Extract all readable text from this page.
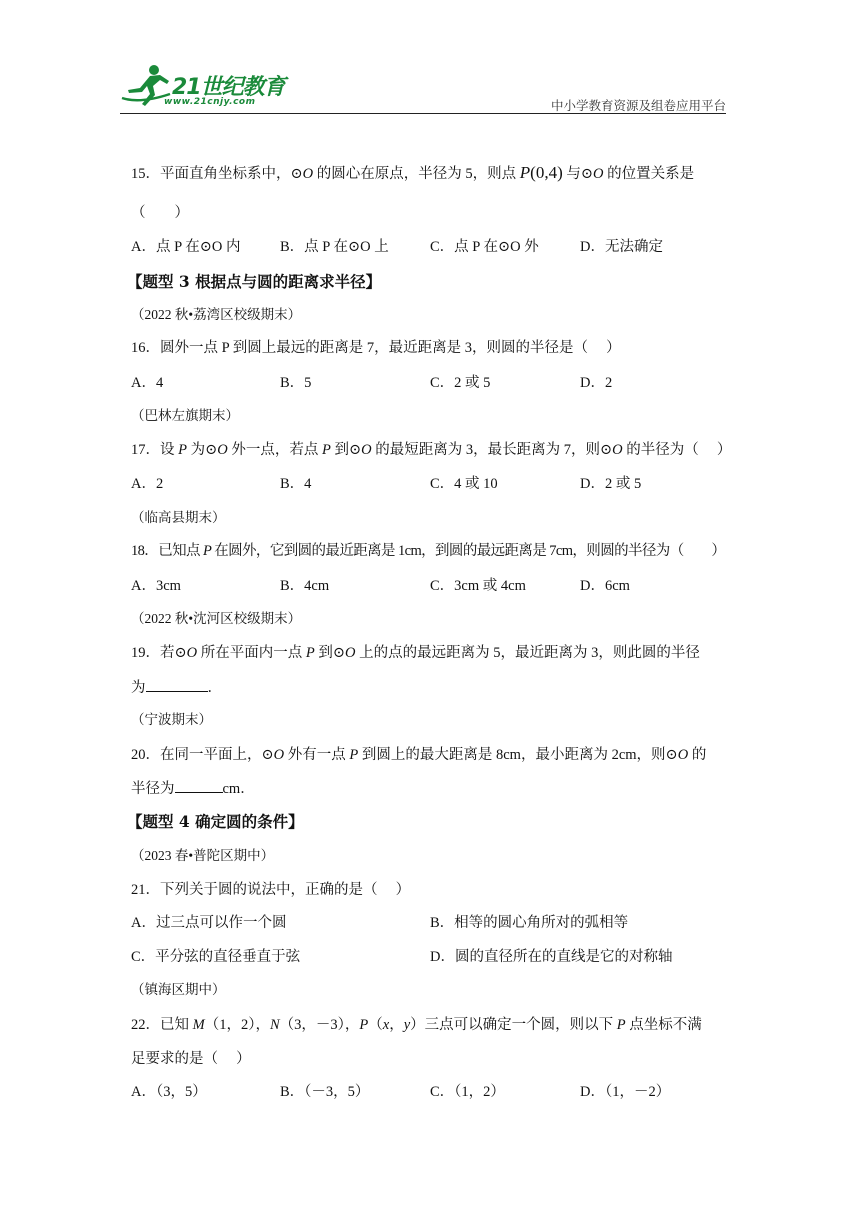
21世纪教育
www.21cnjy.com	中小学教育资源及组卷应用平台
15．平面直角坐标系中，⊙O 的圆心在原点，半径为 5，则点 P(0,4) 与⊙O 的位置关系是
（　　）
A．点 P 在⊙O 内	B．点 P 在⊙O 上	C．点 P 在⊙O 外	D．无法确定
【题型 3 根据点与圆的距离求半径】
（2022 秋•荔湾区校级期末）
16．圆外一点 P 到圆上最远的距离是 7，最近距离是 3，则圆的半径是（　 ）
A．4	B．5	C．2 或 5	D．2
（巴林左旗期末）
17．设 P 为⊙O 外一点，若点 P 到⊙O 的最短距离为 3，最长距离为 7，则⊙O 的半径为（　 ）
A．2	B．4	C．4 或 10	D．2 或 5
（临高县期末）
18．已知点 P 在圆外，它到圆的最近距离是 1cm，到圆的最远距离是 7cm，则圆的半径为（　　）
A．3cm	B．4cm	C．3cm 或 4cm	D．6cm
（2022 秋•沈河区校级期末）
19．若⊙O 所在平面内一点 P 到⊙O 上的点的最远距离为 5，最近距离为 3，则此圆的半径
为	．
（宁波期末）
20．在同一平面上，⊙O 外有一点 P 到圆上的最大距离是 8cm，最小距离为 2cm，则⊙O 的
半径为	cm．
【题型 4 确定圆的条件】
（2023 春•普陀区期中）
21．下列关于圆的说法中，正确的是（　 ）
A．过三点可以作一个圆	B．相等的圆心角所对的弧相等
C．平分弦的直径垂直于弦	D．圆的直径所在的直线是它的对称轴
（镇海区期中）
22．已知 M（1，2），N（3，－3），P（x，y）三点可以确定一个圆，则以下 P 点坐标不满
足要求的是（　 ）
A．（3，5）	B．（－3，5）	C．（1，2）	D．（1，－2）
